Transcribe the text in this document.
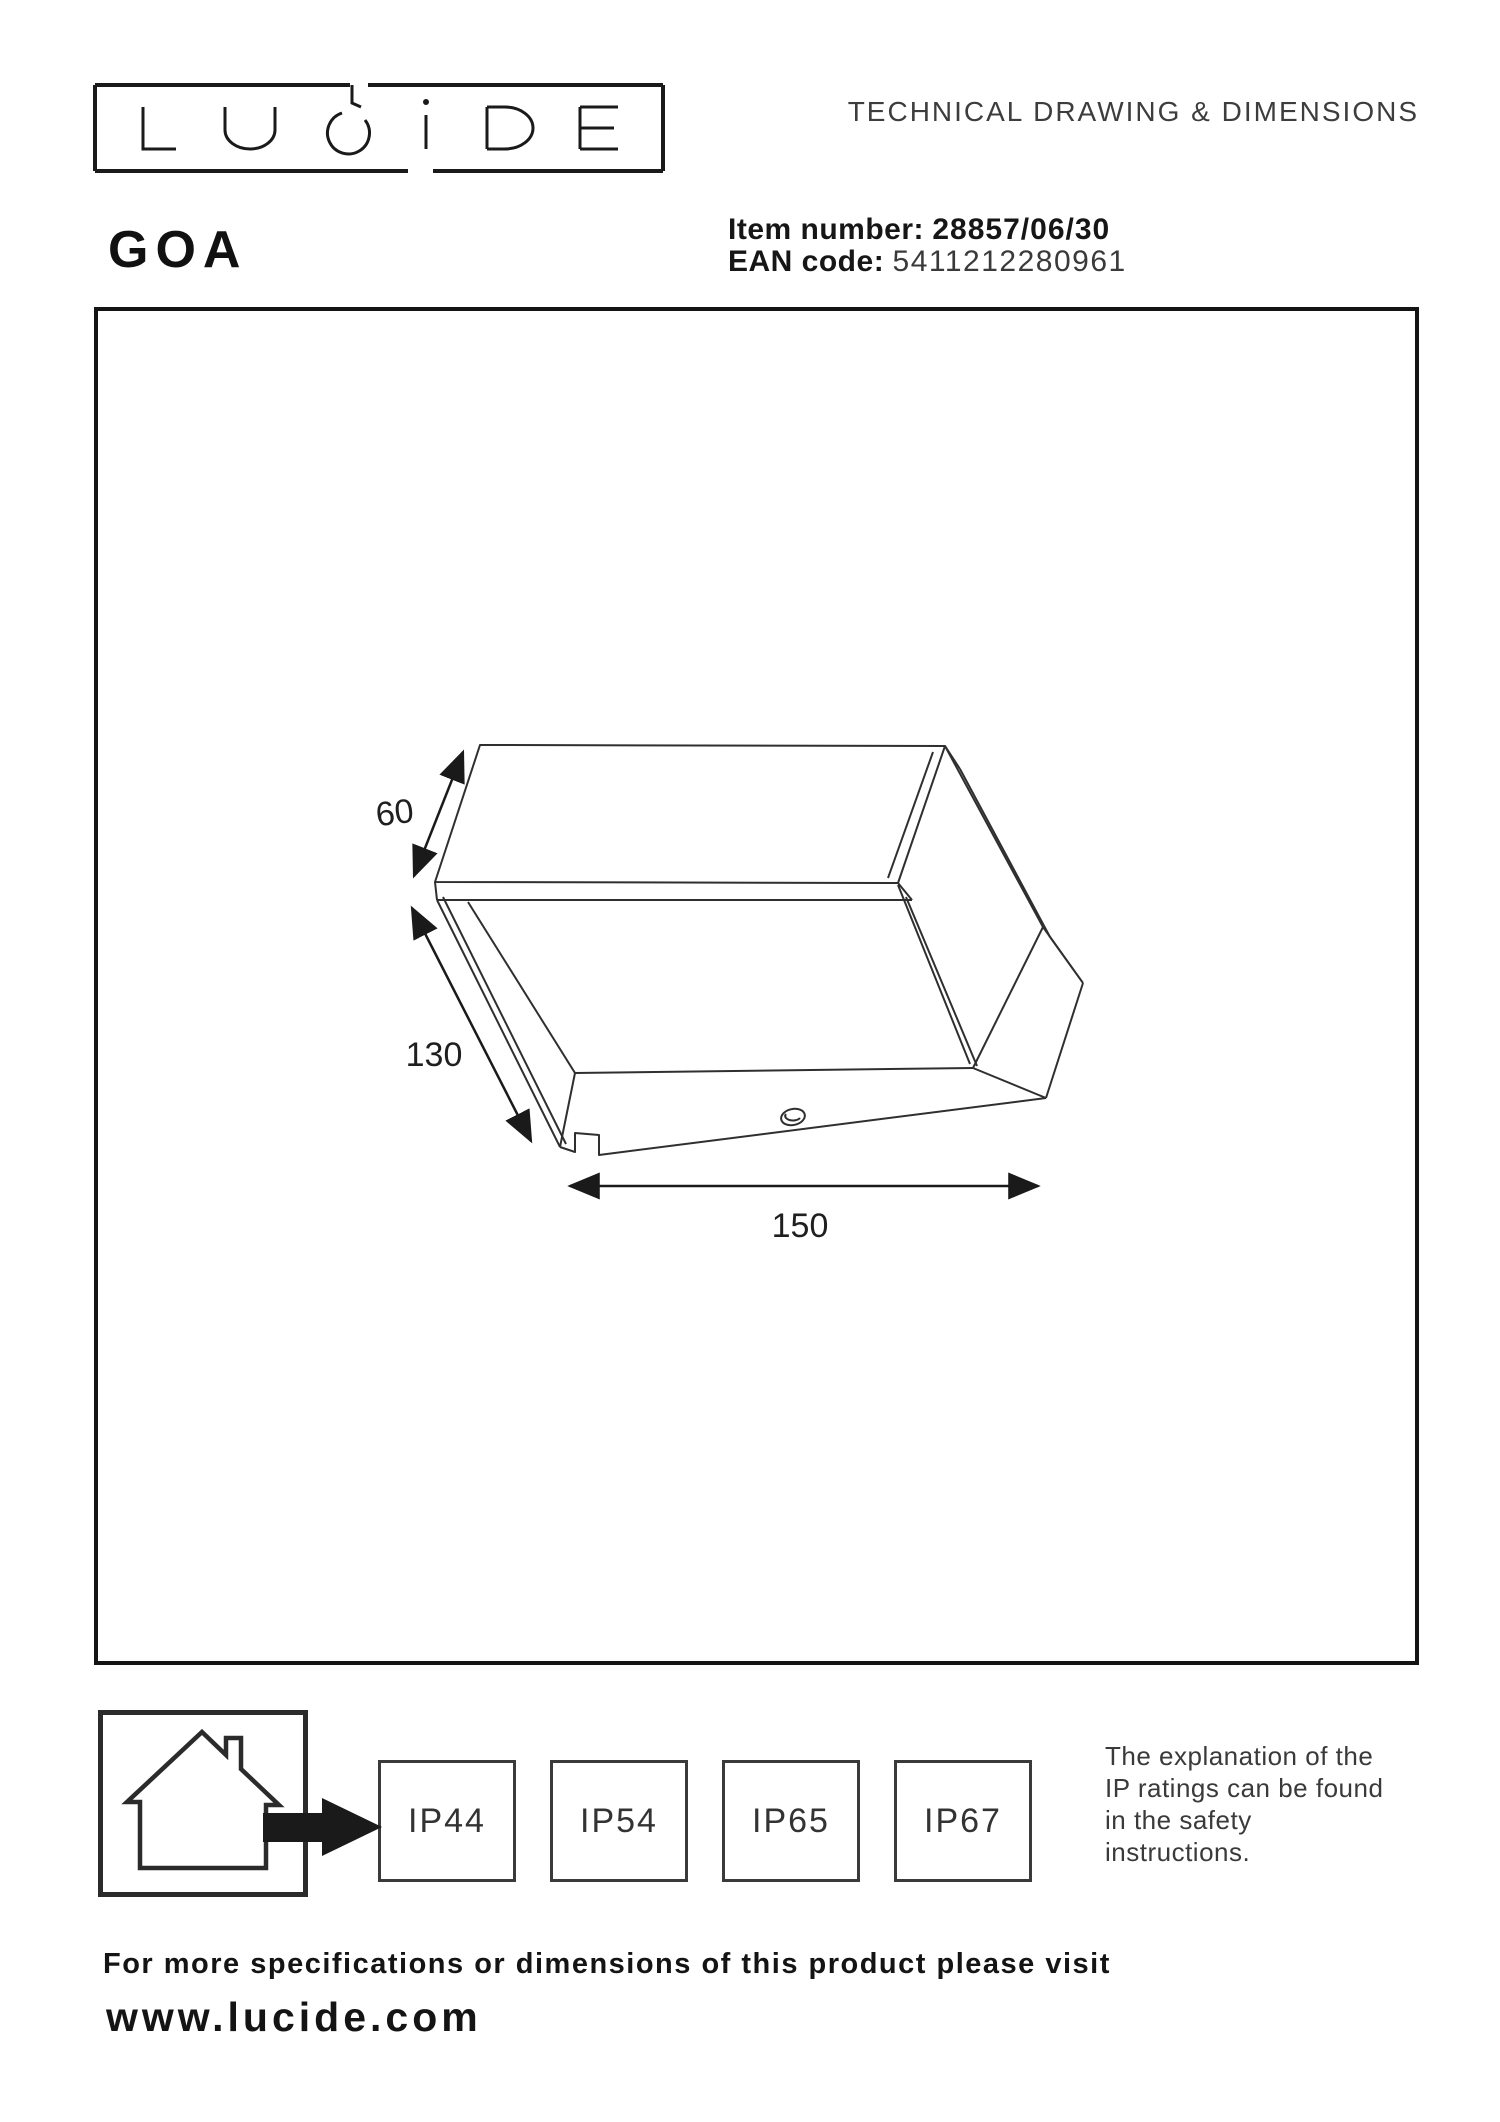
TECHNICAL DRAWING & DIMENSIONS
GOA	Item number: 28857/06/30
EAN code: 5411212280961
60
130
150
IP44	IP54	IP65	IP67
The explanation of the
IP ratings can be found
in the safety
instructions.
For more specifications or dimensions of this product please visit
www.lucide.com
